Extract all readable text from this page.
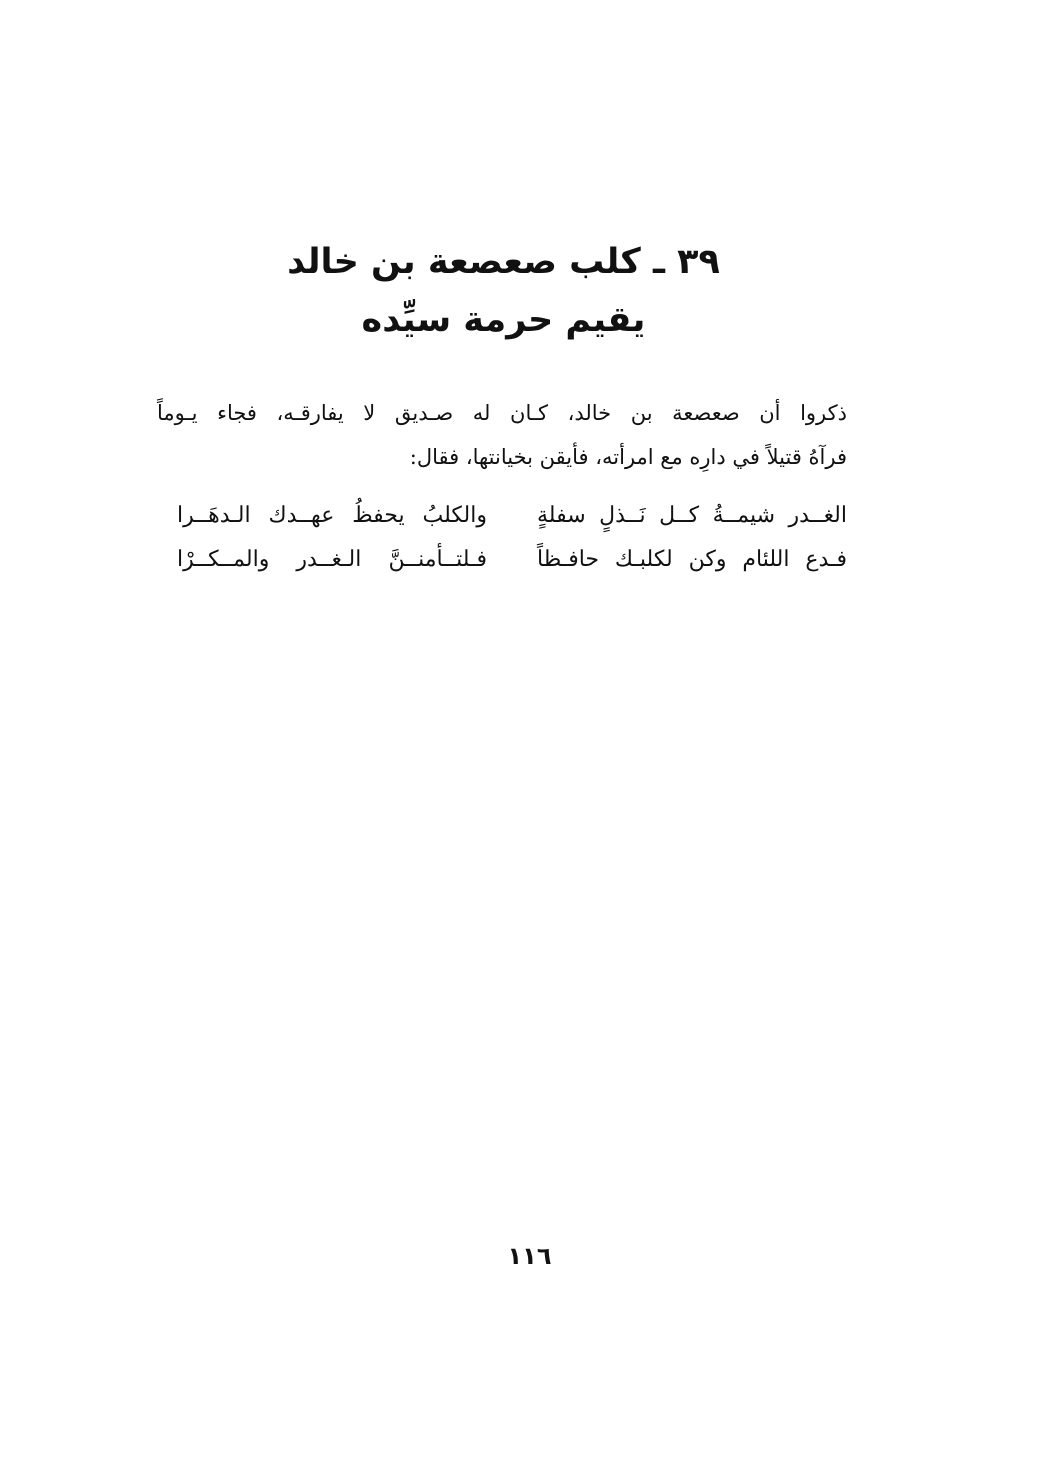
٣٩ ـ كلب صعصعة بن خالد
يقيم حرمة سيِّده
ذكروا أن صعصعة بن خالد، كـان له صـديق لا يفارقـه، فجاء يـوماً
فرآهُ قتيلاً في دارِه مع امرأته، فأيقن بخيانتها، فقال:
الغــدر شيمــةُ كــل نَــذلٍ سفلةٍ
والكلبُ يحفظُ عهــدك الـدهَــرا
فـدع اللئام وكن لكلبـك حافـظاً
فـلتــأمنــنَّ الـغــدر والمــكــرْا
١١٦
